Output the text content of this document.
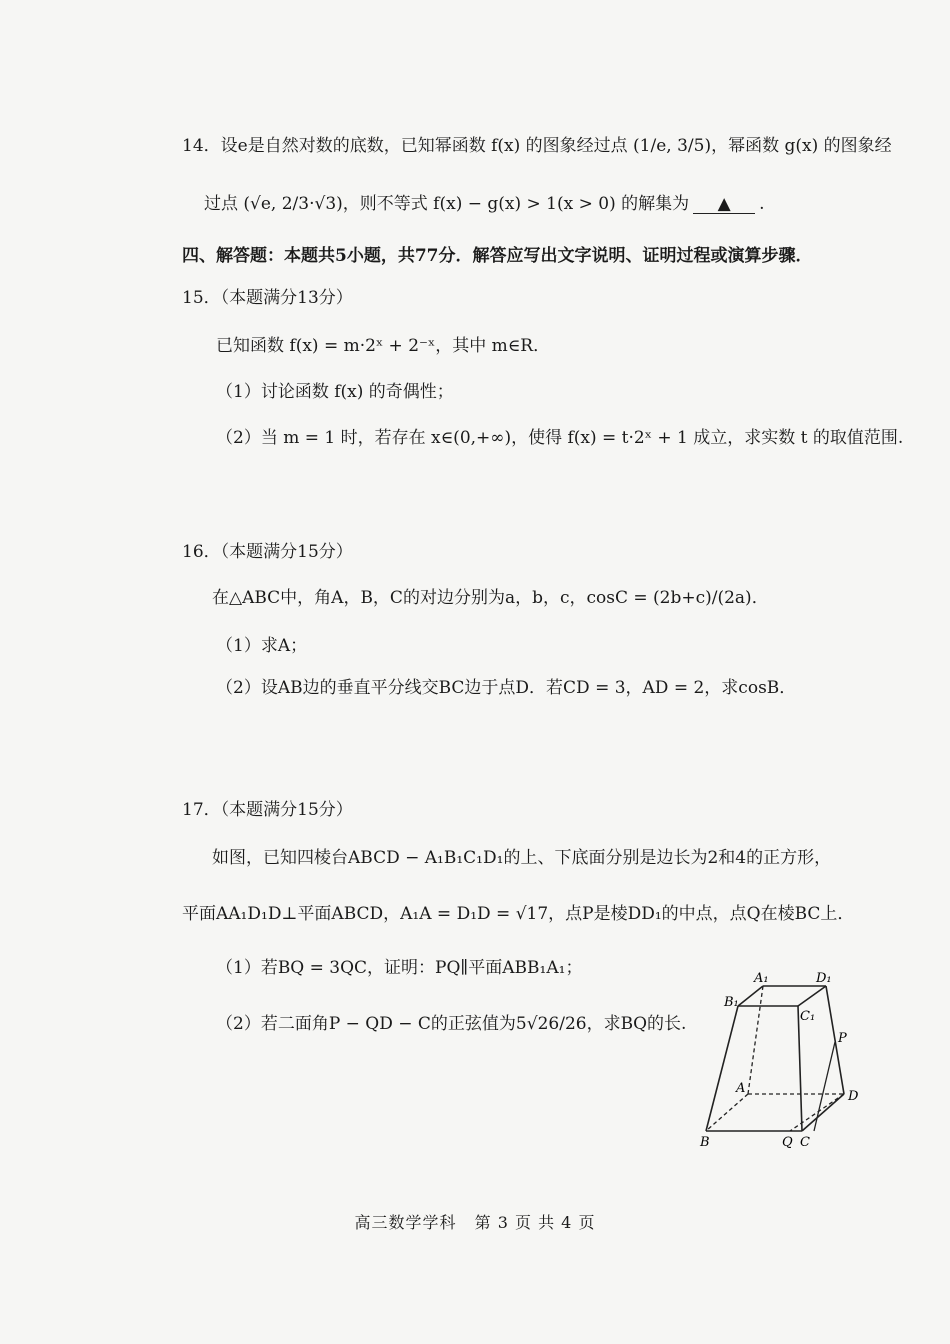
14．设e是自然对数的底数，已知幂函数 f(x) 的图象经过点 (1/e, 3/5)，幂函数 g(x) 的图象经
过点 (√e, 2/3·√3)，则不等式 f(x) − g(x) > 1(x > 0) 的解集为 ▲ .
四、解答题：本题共5小题，共77分．解答应写出文字说明、证明过程或演算步骤．
15．（本题满分13分）
已知函数 f(x) = m·2ˣ + 2⁻ˣ，其中 m∈R．
（1）讨论函数 f(x) 的奇偶性；
（2）当 m = 1 时，若存在 x∈(0,+∞)，使得 f(x) = t·2ˣ + 1 成立，求实数 t 的取值范围.
16．（本题满分15分）
在△ABC中，角A，B，C的对边分别为a，b，c，cosC = (2b+c)/(2a)．
（1）求A；
（2）设AB边的垂直平分线交BC边于点D．若CD = 3，AD = 2，求cosB．
17．（本题满分15分）
如图，已知四棱台ABCD − A₁B₁C₁D₁的上、下底面分别是边长为2和4的正方形，
平面AA₁D₁D⊥平面ABCD，A₁A = D₁D = √17，点P是棱DD₁的中点，点Q在棱BC上．
（1）若BQ = 3QC，证明：PQ∥平面ABB₁A₁；
（2）若二面角P − QD − C的正弦值为5√26/26，求BQ的长.
A₁	D₁
B₁
C₁
P
A
D
B	Q C
高三数学学科 第 3 页 共 4 页
